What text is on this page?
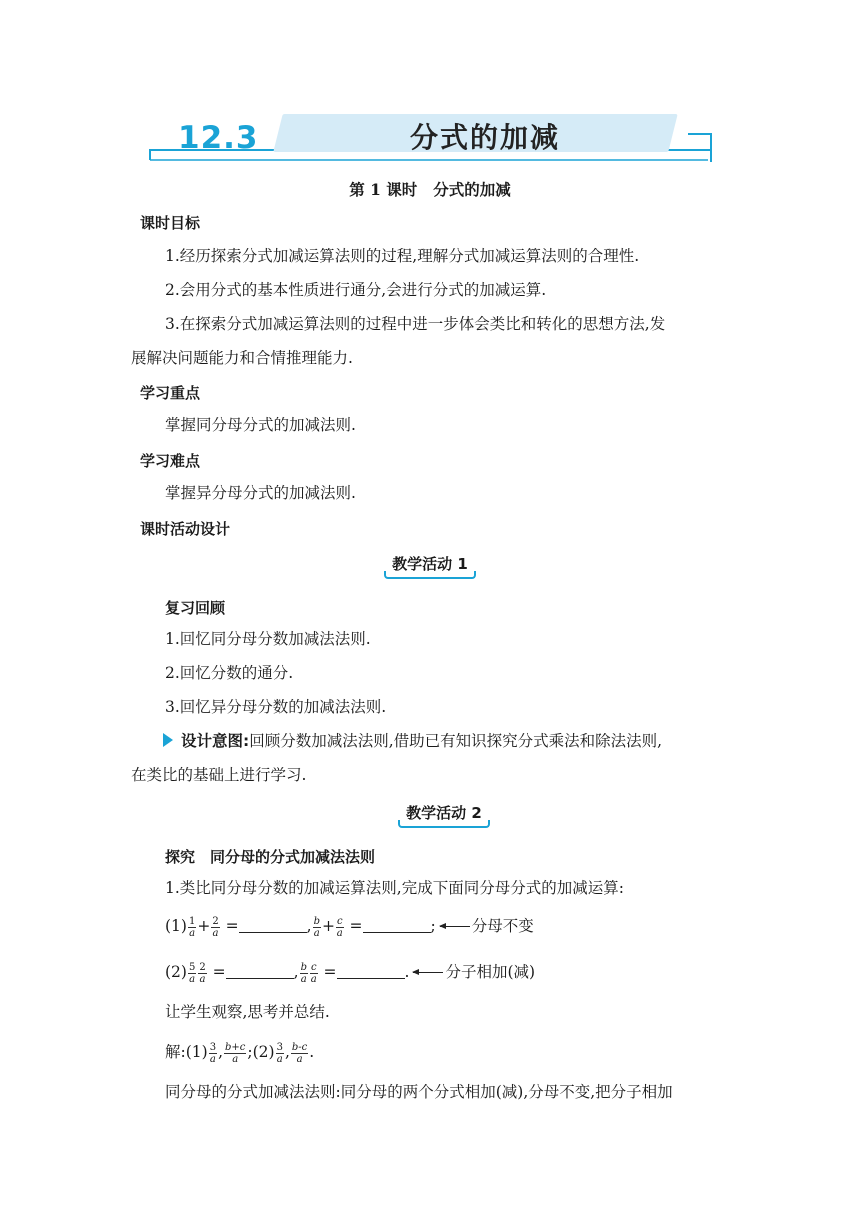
12.3	分式的加减
第 1 课时 分式的加减
课时目标
1.经历探索分式加减运算法则的过程,理解分式加减运算法则的合理性.
2.会用分式的基本性质进行通分,会进行分式的加减运算.
3.在探索分式加减运算法则的过程中进一步体会类比和转化的思想方法,发
展解决问题能力和合情推理能力.
学习重点
掌握同分母分式的加减法则.
学习难点
掌握异分母分式的加减法则.
课时活动设计
教学活动 1
复习回顾
1.回忆同分母分数加减法法则.
2.回忆分数的通分.
3.回忆异分母分数的加减法法则.
设计意图:回顾分数加减法法则,借助已有知识探究分式乘法和除法法则,
在类比的基础上进行学习.
教学活动 2
探究　同分母的分式加减法法则
1.类比同分母分数的加减运算法则,完成下面同分母分式的加减运算:
$(1) \frac{1}{a} + \frac{2}{a}$ =	, $\frac{b}{a} + \frac{c}{a}$ =	; 分母不变
$(2) \frac{5}{a} \frac{2}{a}$ =	, $\frac{b}{a} \frac{c}{a}$ =	. 分子相加(减)
让学生观察,思考并总结.
解:(1) $\frac{3}{a}$ , $\frac{b+c}{a}$ ;(2) $\frac{3}{a}$ , $\frac{b-c}{a}$ .
同分母的分式加减法法则:同分母的两个分式相加(减),分母不变,把分子相加
